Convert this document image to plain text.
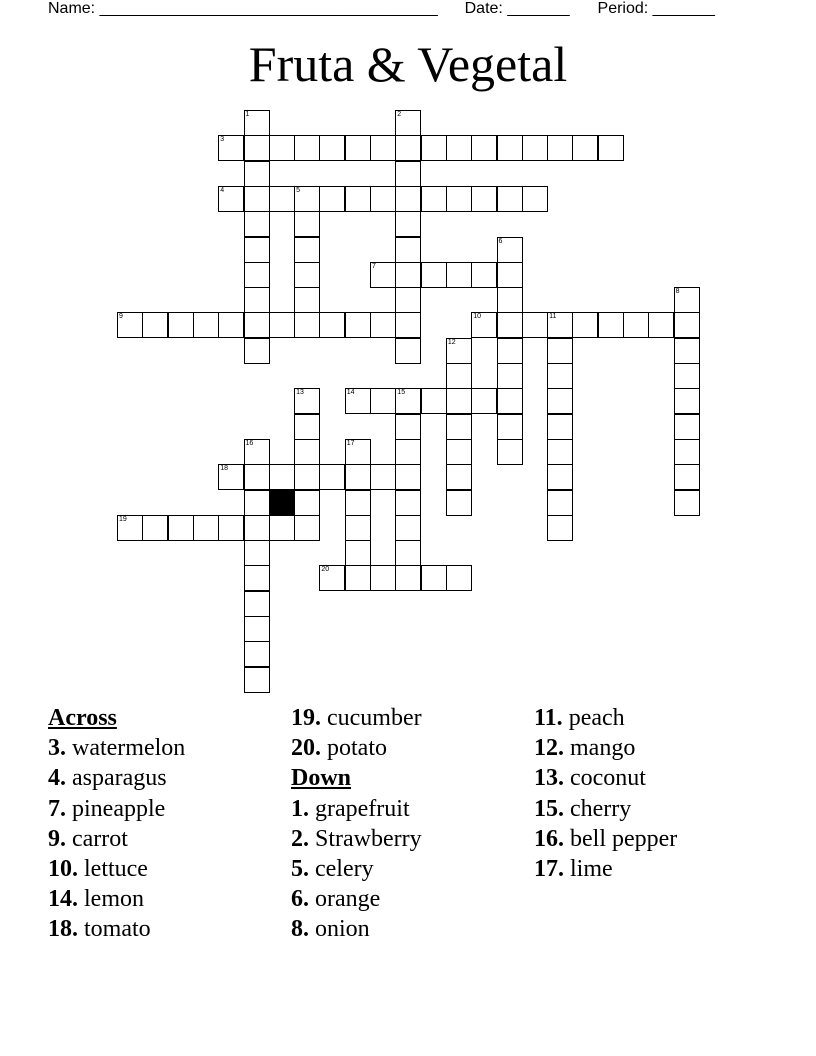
Name: ______________________________________ Date: _______ Period: _______
Fruta & Vegetal
1	2
3
4	5
6
7
8
9	10	11
12
13	14	15
16	17
18
19
20
Across
3. watermelon
4. asparagus
7. pineapple
9. carrot
10. lettuce
14. lemon
18. tomato
19. cucumber
20. potato
Down
1. grapefruit
2. Strawberry
5. celery
6. orange
8. onion
11. peach
12. mango
13. coconut
15. cherry
16. bell pepper
17. lime
